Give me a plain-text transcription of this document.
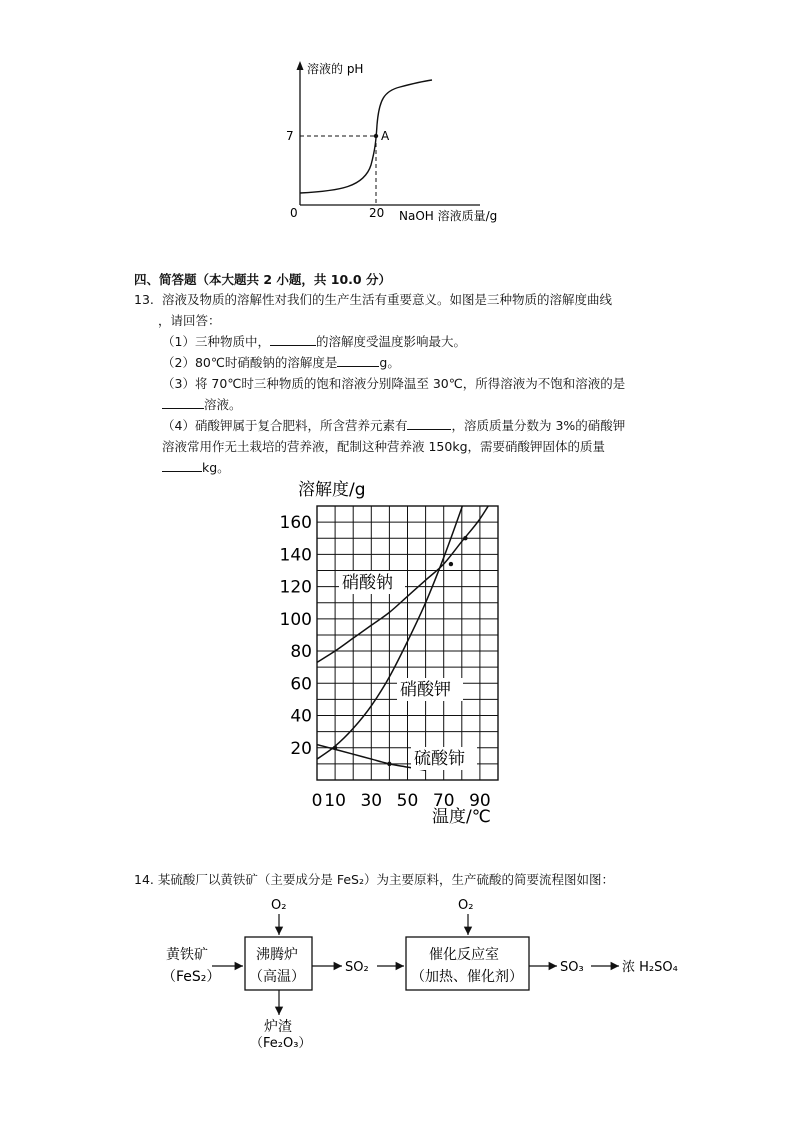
溶液的 pH
7	A
0	20 NaOH 溶液质量/g
四、简答题（本大题共 2 小题，共 10.0 分）
13. 溶液及物质的溶解性对我们的生产生活有重要意义。如图是三种物质的溶解度曲线
，请回答：
（1）三种物质中，	的溶解度受温度影响最大。
（2）80℃时硝酸钠的溶解度是	g。
（3）将 70℃时三种物质的饱和溶液分别降温至 30℃，所得溶液为不饱和溶液的是
溶液。
（4）硝酸钾属于复合肥料，所含营养元素有	，溶质质量分数为 3%的硝酸钾
溶液常用作无土栽培的营养液，配制这种营养液 150kg，需要硝酸钾固体的质量
kg。
20
40
60
80
100
120
140
160
0 10 30 50 70 90
硝酸钠
硝酸钾
硫酸铈
溶解度/g
温度/℃
14. 某硫酸厂以黄铁矿（主要成分是 FeS₂）为主要原料，生产硫酸的简要流程图如图：
黄铁矿
（FeS₂）
沸腾炉
（高温）
O₂
炉渣
（Fe₂O₃）
SO₂
催化反应室
（加热、催化剂）
O₂
SO₃	浓 H₂SO₄
